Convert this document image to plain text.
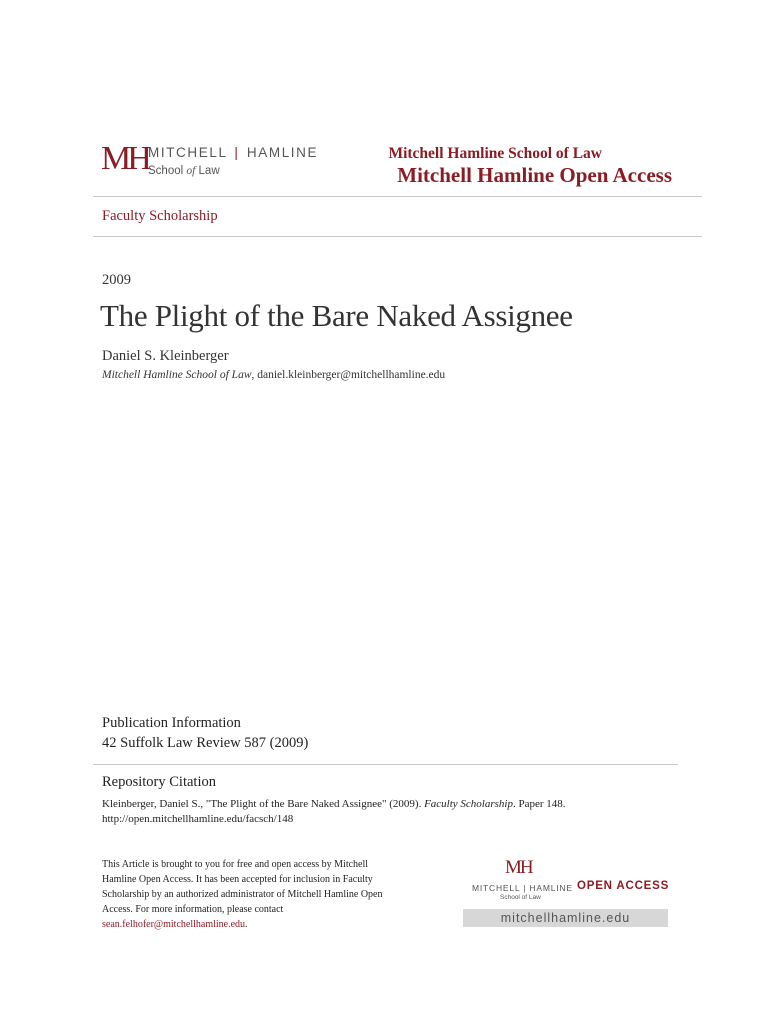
MH MITCHELL | HAMLINE
School of Law
Mitchell Hamline School of Law
Mitchell Hamline Open Access
Faculty Scholarship
2009
The Plight of the Bare Naked Assignee
Daniel S. Kleinberger
Mitchell Hamline School of Law, daniel.kleinberger@mitchellhamline.edu
Publication Information
42 Suffolk Law Review 587 (2009)
Repository Citation
Kleinberger, Daniel S., "The Plight of the Bare Naked Assignee" (2009). Faculty Scholarship. Paper 148.
http://open.mitchellhamline.edu/facsch/148
This Article is brought to you for free and open access by Mitchell Hamline Open Access. It has been accepted for inclusion in Faculty Scholarship by an authorized administrator of Mitchell Hamline Open Access. For more information, please contact sean.felhofer@mitchellhamline.edu.
MH
MITCHELL | HAMLINE
School of Law
OPEN ACCESS
mitchellhamline.edu
